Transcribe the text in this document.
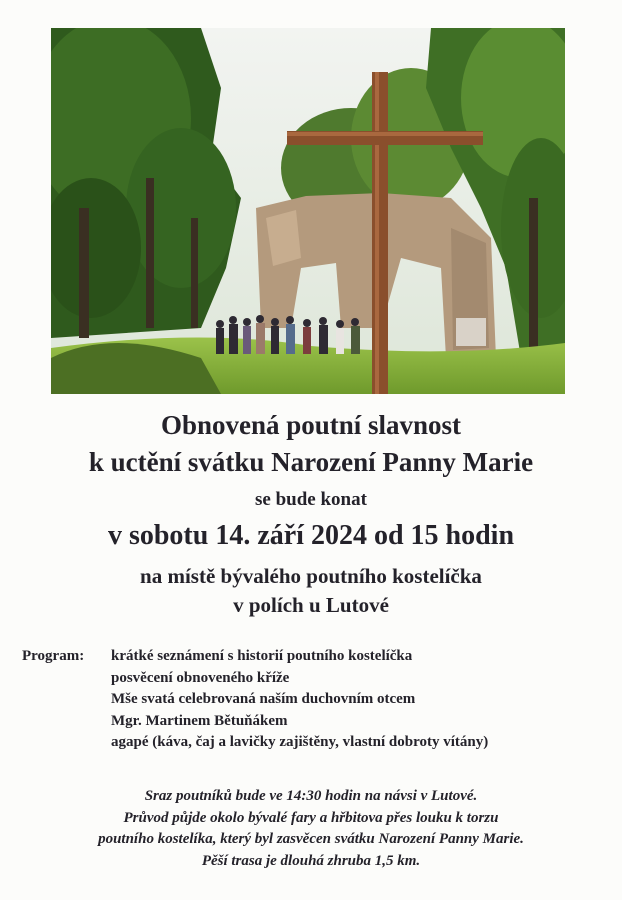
Obnovená poutní slavnost
k uctění svátku Narození Panny Marie
se bude konat
v sobotu 14. září 2024 od 15 hodin
na místě bývalého poutního kostelíčka
v polích u Lutové
Program: krátké seznámení s historií poutního kostelíčka
posvěcení obnoveného kříže
Mše svatá celebrovaná naším duchovním otcem
Mgr. Martinem Bětuňákem
agapé (káva, čaj a lavičky zajištěny, vlastní dobroty vítány)
Sraz poutníků bude ve 14:30 hodin na návsi v Lutové.
Průvod půjde okolo bývalé fary a hřbitova přes louku k torzu
poutního kostelíka, který byl zasvěcen svátku Narození Panny Marie.
Pěší trasa je dlouhá zhruba 1,5 km.
